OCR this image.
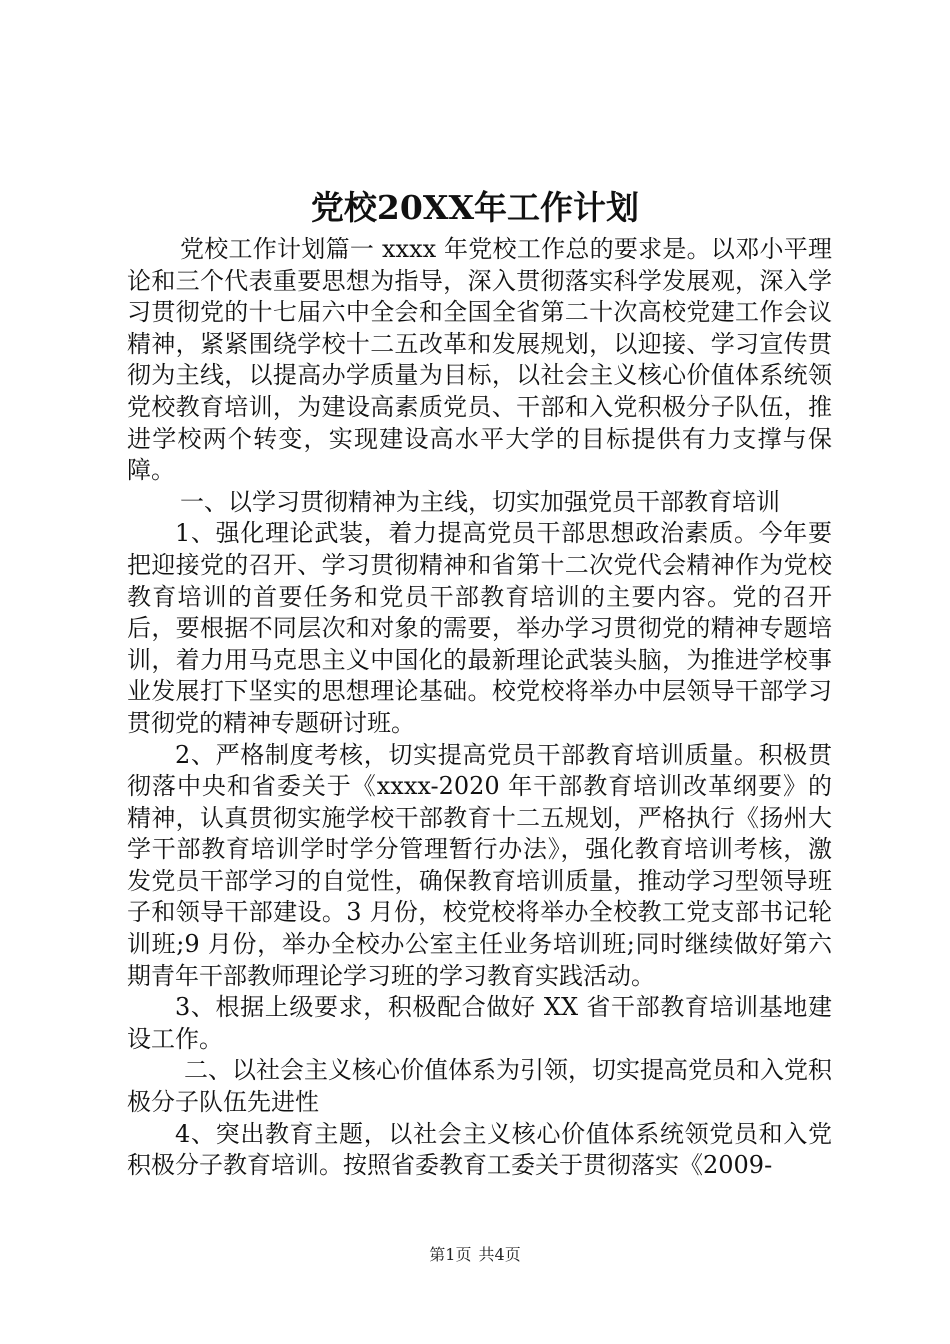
党校20XX年工作计划

党校工作计划篇一 xxxx 年党校工作总的要求是。以邓小平理论和三个代表重要思想为指导，深入贯彻落实科学发展观，深入学习贯彻党的十七届六中全会和全国全省第二十次高校党建工作会议精神，紧紧围绕学校十二五改革和发展规划，以迎接、学习宣传贯彻为主线，以提高办学质量为目标，以社会主义核心价值体系统领党校教育培训，为建设高素质党员、干部和入党积极分子队伍，推进学校两个转变，实现建设高水平大学的目标提供有力支撑与保障。

一、以学习贯彻精神为主线，切实加强党员干部教育培训

1、强化理论武装，着力提高党员干部思想政治素质。今年要把迎接党的召开、学习贯彻精神和省第十二次党代会精神作为党校教育培训的首要任务和党员干部教育培训的主要内容。党的召开后，要根据不同层次和对象的需要，举办学习贯彻党的精神专题培训，着力用马克思主义中国化的最新理论武装头脑，为推进学校事业发展打下坚实的思想理论基础。校党校将举办中层领导干部学习贯彻党的精神专题研讨班。

2、严格制度考核，切实提高党员干部教育培训质量。积极贯彻落中央和省委关于《xxxx-2020 年干部教育培训改革纲要》的精神，认真贯彻实施学校干部教育十二五规划，严格执行《扬州大学干部教育培训学时学分管理暂行办法》，强化教育培训考核，激发党员干部学习的自觉性，确保教育培训质量，推动学习型领导班子和领导干部建设。3 月份，校党校将举办全校教工党支部书记轮训班;9 月份，举办全校办公室主任业务培训班;同时继续做好第六期青年干部教师理论学习班的学习教育实践活动。

3、根据上级要求，积极配合做好 XX 省干部教育培训基地建设工作。

二、以社会主义核心价值体系为引领，切实提高党员和入党积极分子队伍先进性

4、突出教育主题，以社会主义核心价值体系统领党员和入党积极分子教育培训。按照省委教育工委关于贯彻落实《2009-

第1页 共4页
